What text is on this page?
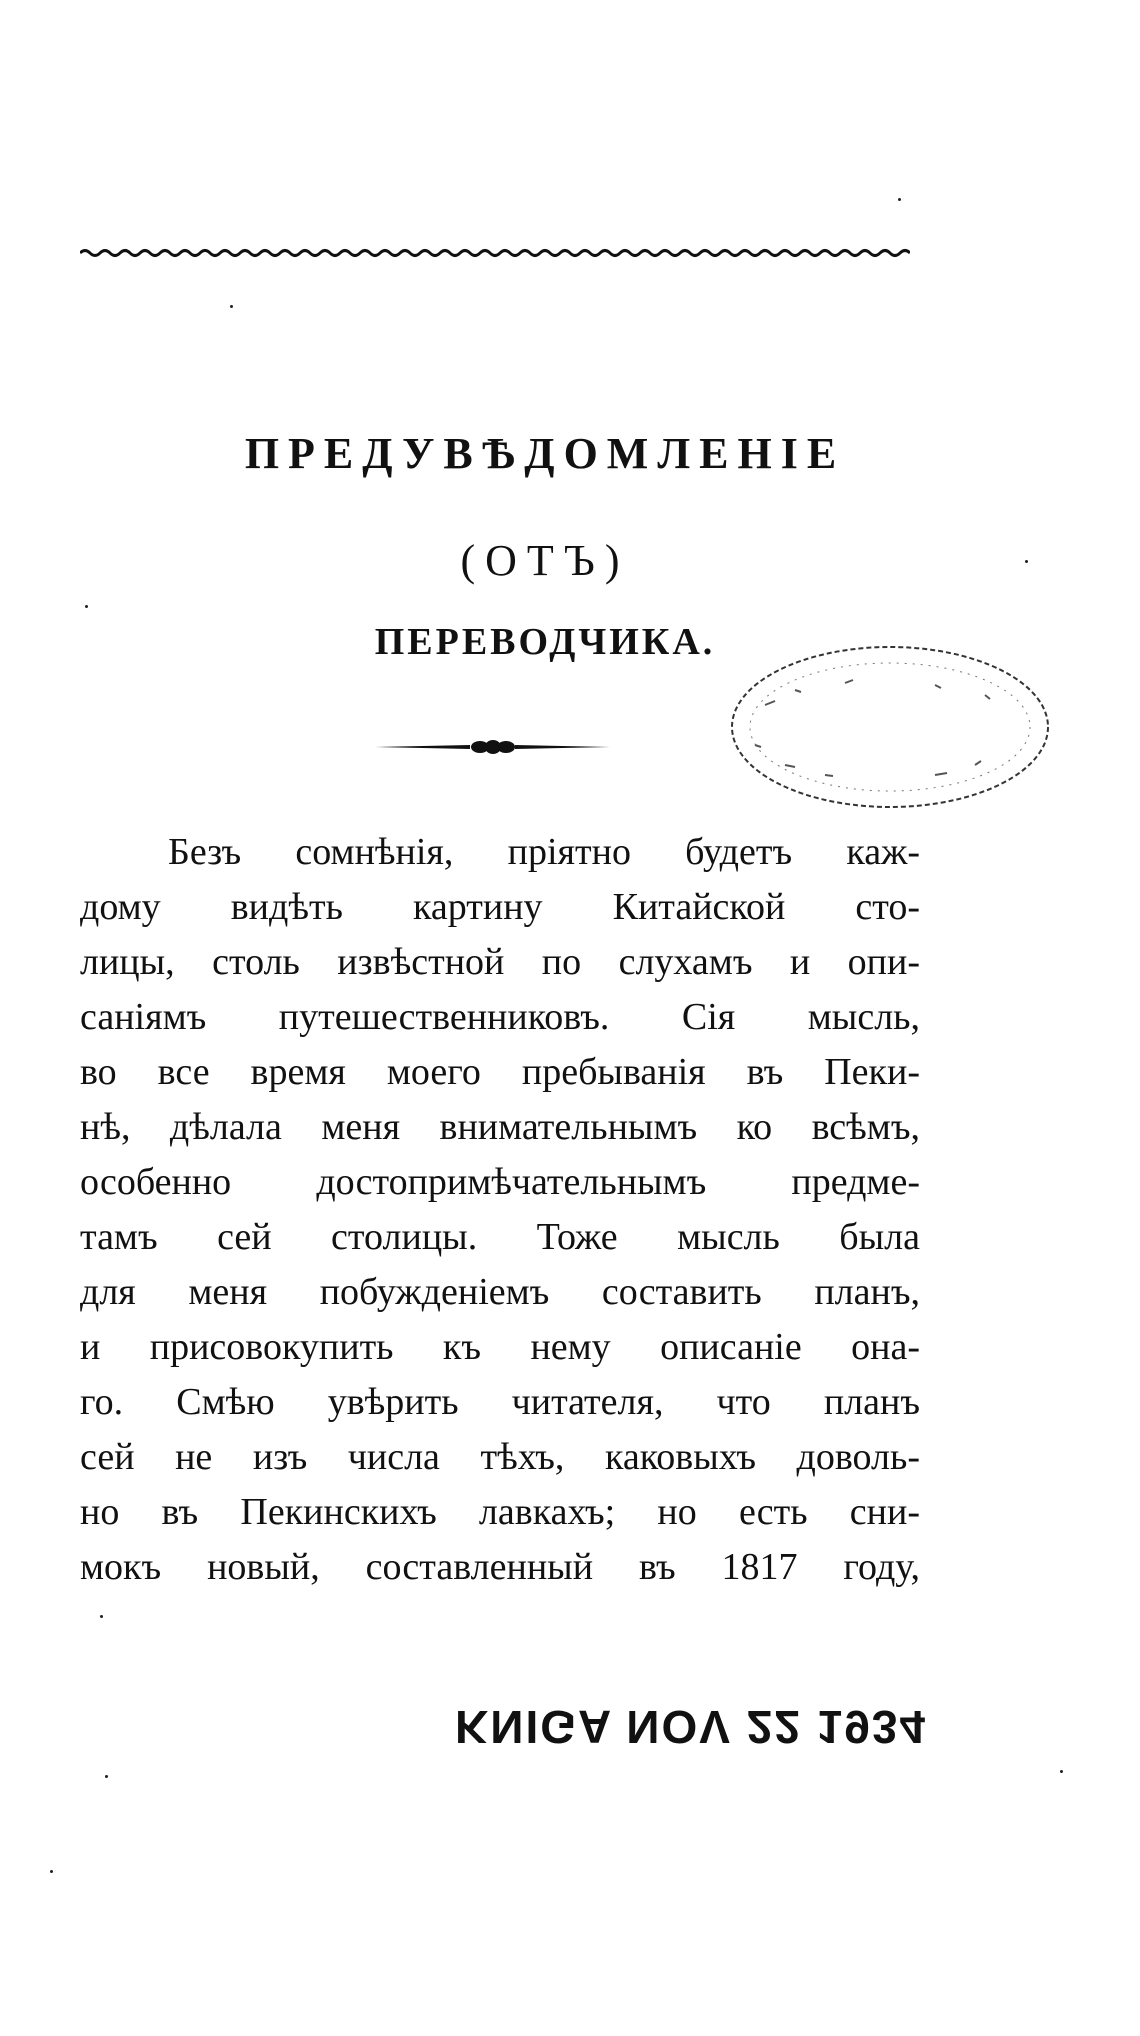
ПРЕДУВѢДОМЛЕНІЕ
(ОТЪ)
ПЕРЕВОДЧИКА.
Безъ сомнѣнія, пріятно будетъ каж-
дому видѣть картину Китайской сто-
лицы, столь извѣстной по слухамъ и опи-
саніямъ путешественниковъ. Сія мысль,
во все время моего пребыванія въ Пеки-
нѣ, дѣлала меня внимательнымъ ко всѣмъ,
особенно достопримѣчательнымъ предме-
тамъ сей столицы. Тоже мысль была
для меня побужденіемъ составить планъ,
и присовокупить къ нему описаніе она-
го. Смѣю увѣрить читателя, что планъ
сей не изъ числа тѣхъ, каковыхъ доволь-
но въ Пекинскихъ лавкахъ; но есть сни-
мокъ новый, составленный въ 1817 году,
KNIGA NOV 22 1934
